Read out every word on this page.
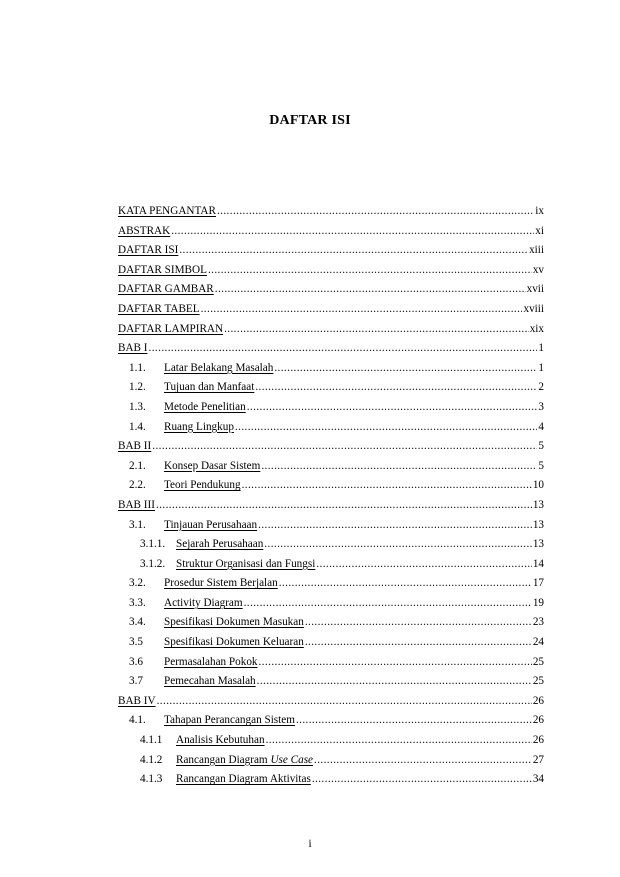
DAFTAR ISI
KATA PENGANTAR .....	ix
ABSTRAK .....	xi
DAFTAR ISI .....	xiii
DAFTAR SIMBOL .....	xv
DAFTAR GAMBAR .....	xvii
DAFTAR TABEL .....	xviii
DAFTAR LAMPIRAN .....	xix
BAB I .....	1
1.1.	Latar Belakang Masalah .....	1
1.2.	Tujuan dan Manfaat .....	2
1.3.	Metode Penelitian .....	3
1.4.	Ruang Lingkup .....	4
BAB II .....	5
2.1.	Konsep Dasar Sistem .....	5
2.2.	Teori Pendukung .....	10
BAB III .....	13
3.1.	Tinjauan Perusahaan .....	13
3.1.1. Sejarah Perusahaan .....	13
3.1.2. Struktur Organisasi dan Fungsi .....	14
3.2.	Prosedur Sistem Berjalan .....	17
3.3.	Activity Diagram .....	19
3.4.	Spesifikasi Dokumen Masukan .....	23
3.5	Spesifikasi Dokumen Keluaran .....	24
3.6	Permasalahan Pokok .....	25
3.7	Pemecahan Masalah .....	25
BAB IV .....	26
4.1.	Tahapan Perancangan Sistem .....	26
4.1.1	Analisis Kebutuhan .....	26
4.1.2	Rancangan Diagram Use Case .....	27
4.1.3	Rancangan Diagram Aktivitas .....	34
i
